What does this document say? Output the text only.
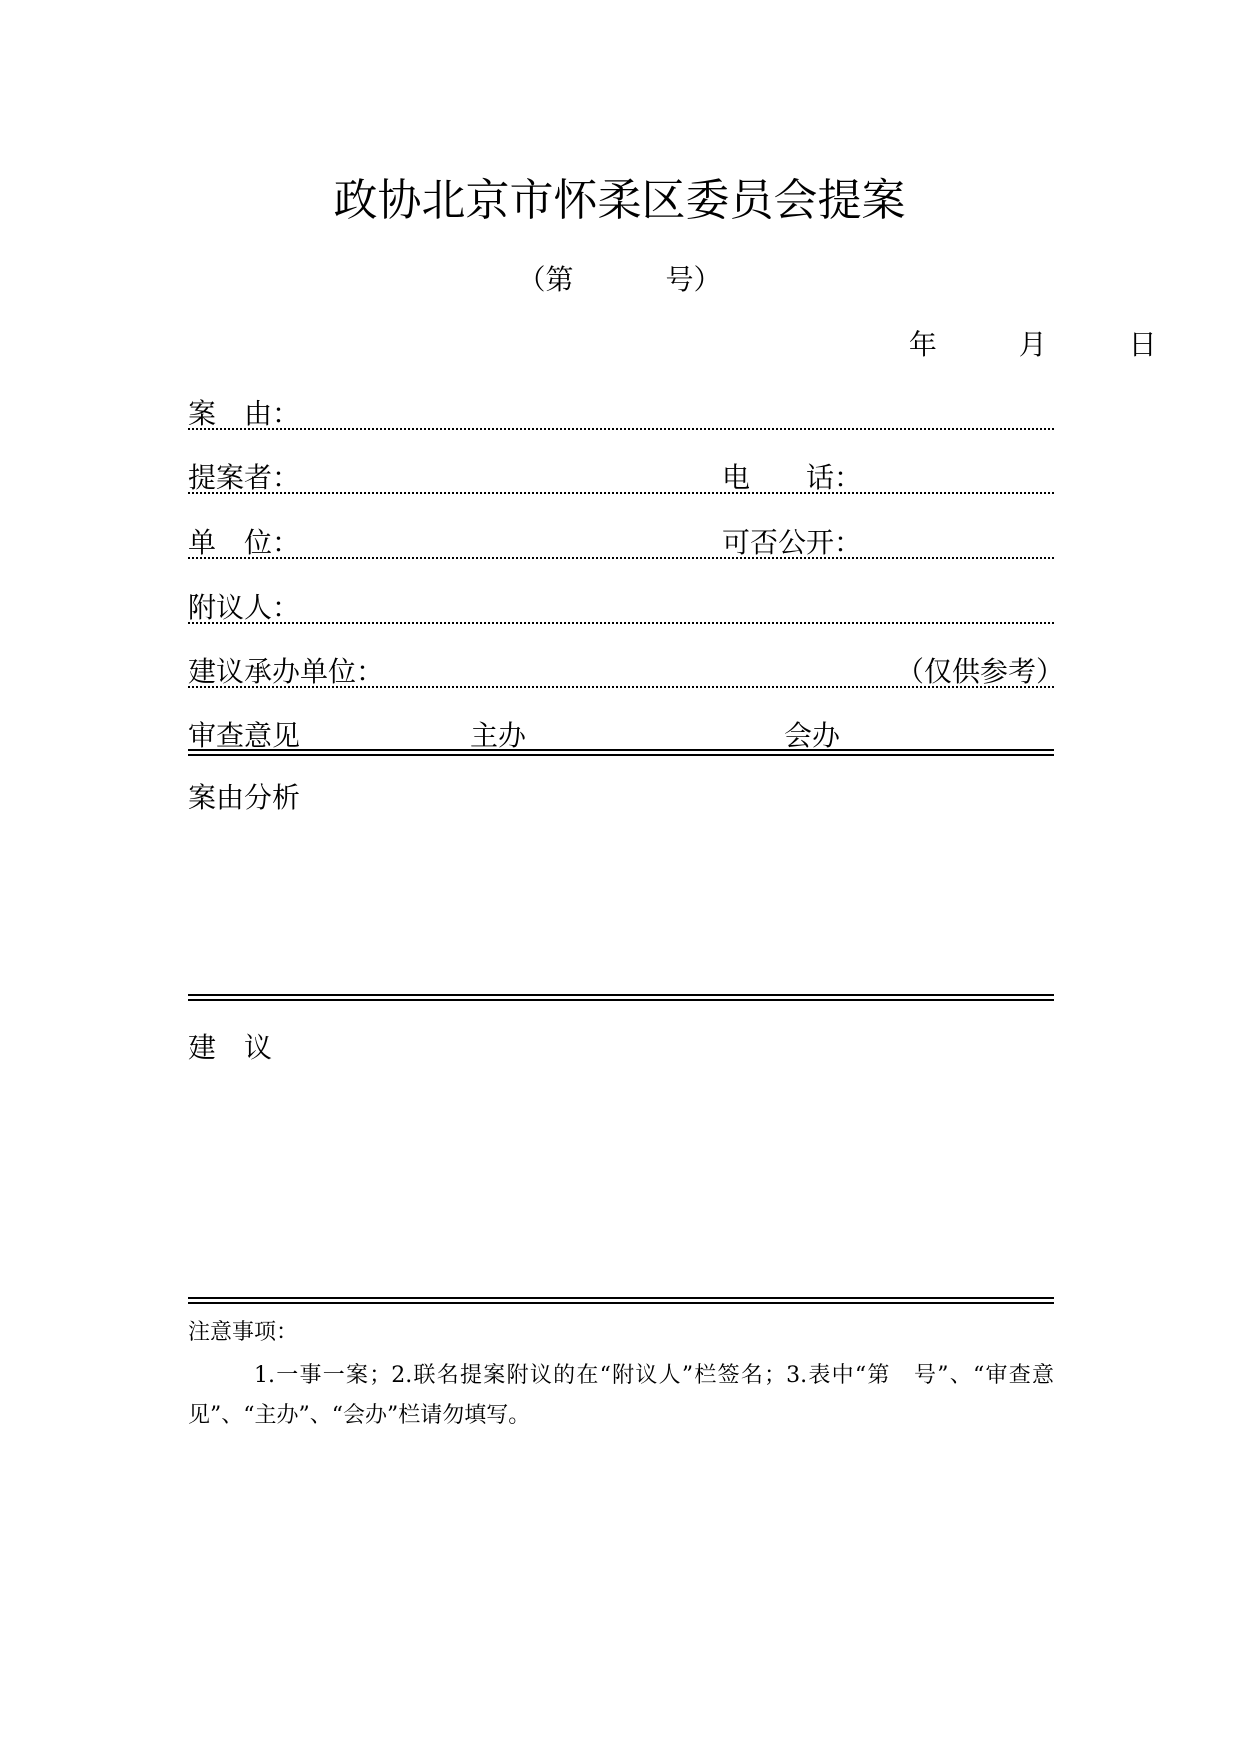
政协北京市怀柔区委员会提案
（第	号）
年	月	日
案　由：
提案者：	电　　话：
单　位：	可否公开：
附议人：
建议承办单位：	（仅供参考）
审查意见	主办	会办
案由分析
建　议
注意事项：
1.一事一案；2.联名提案附议的在“附议人”栏签名；3.表中“第　号”、“审查意见”、“主办”、“会办”栏请勿填写。
